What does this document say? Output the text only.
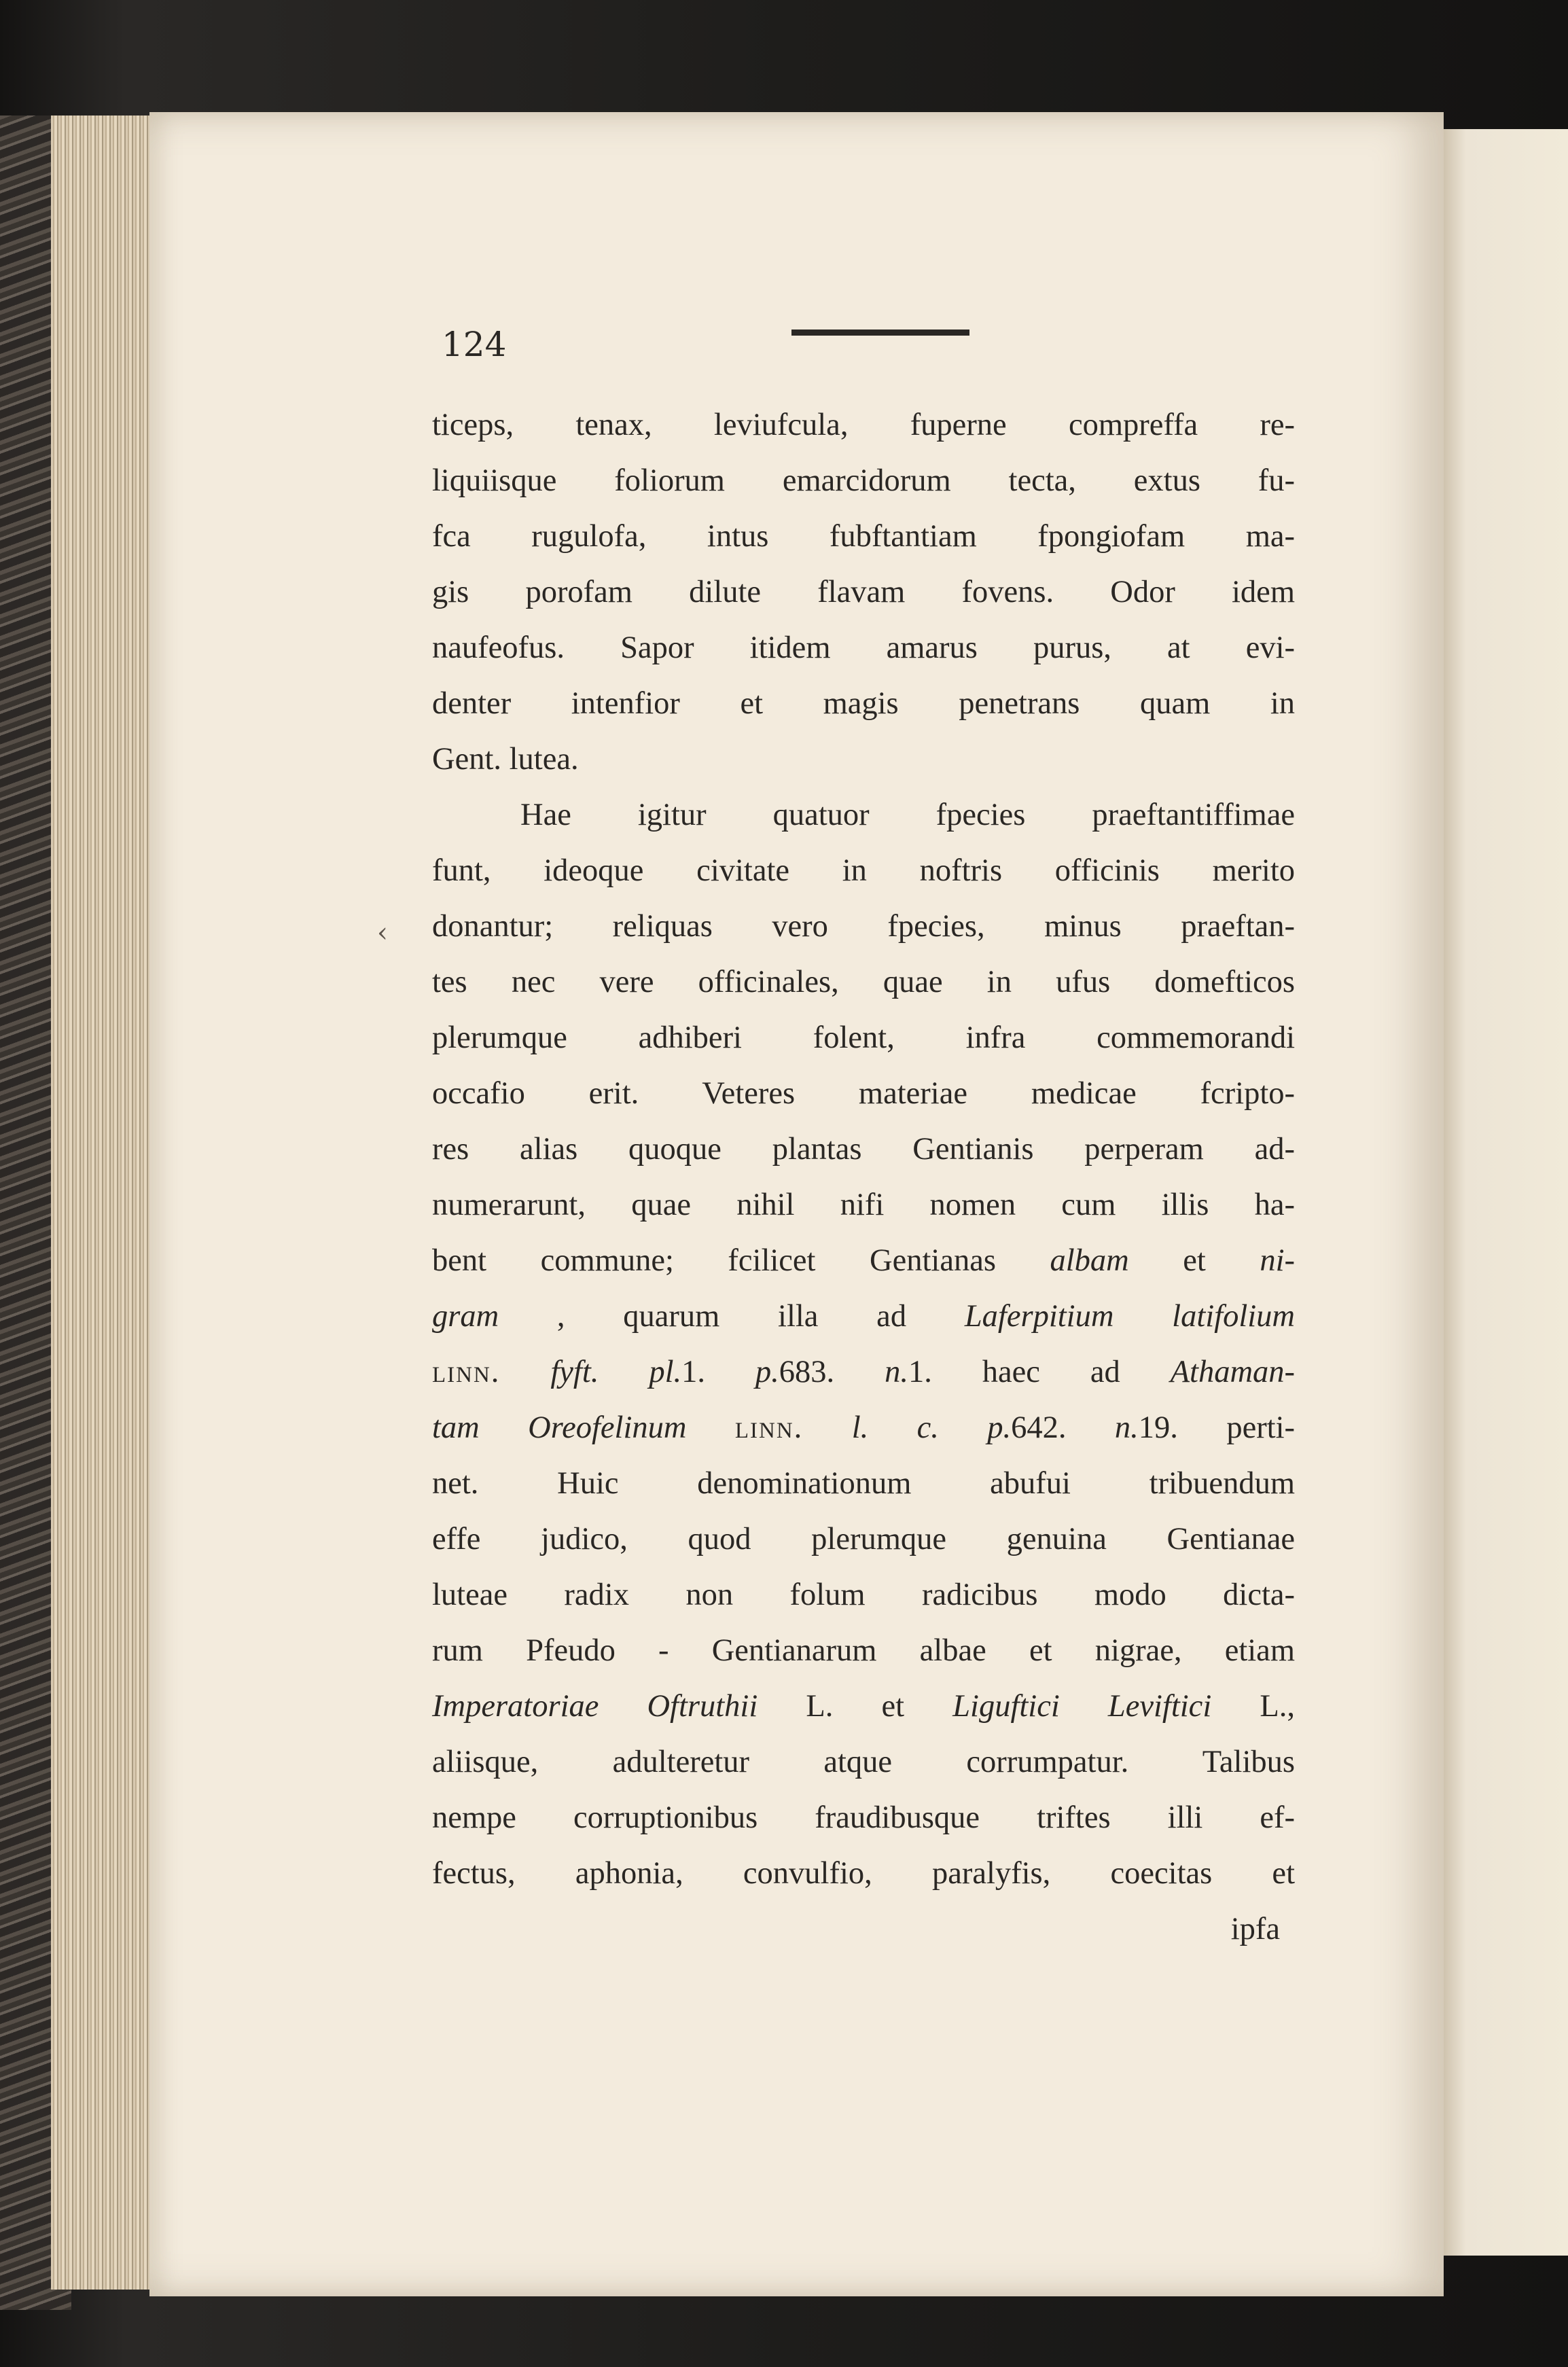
124
‹
ticeps, tenax, leviufcula, fuperne compreffa re-
liquiisque foliorum emarcidorum tecta, extus fu-
fca rugulofa, intus fubftantiam fpongiofam ma-
gis porofam dilute flavam fovens. Odor idem
naufeofus. Sapor itidem amarus purus, at evi-
denter intenfior et magis penetrans quam in
Gent. lutea.
Hae igitur quatuor fpecies praeftantiffimae
funt, ideoque civitate in noftris officinis merito
donantur; reliquas vero fpecies, minus praeftan-
tes nec vere officinales, quae in ufus domefticos
plerumque adhiberi folent, infra commemorandi
occafio erit. Veteres materiae medicae fcripto-
res alias quoque plantas Gentianis perperam ad-
numerarunt, quae nihil nifi nomen cum illis ha-
bent commune; fcilicet Gentianas albam et ni-
gram , quarum illa ad Laferpitium latifolium
linn. fyft. pl.1. p.683. n.1. haec ad Athaman-
tam Oreofelinum linn. l. c. p.642. n.19. perti-
net. Huic denominationum abufui tribuendum
effe judico, quod plerumque genuina Gentianae
luteae radix non folum radicibus modo dicta-
rum Pfeudo - Gentianarum albae et nigrae, etiam
Imperatoriae Oftruthii L. et Liguftici Leviftici L.,
aliisque, adulteretur atque corrumpatur. Talibus
nempe corruptionibus fraudibusque triftes illi ef-
fectus, aphonia, convulfio, paralyfis, coecitas et
ipfa
